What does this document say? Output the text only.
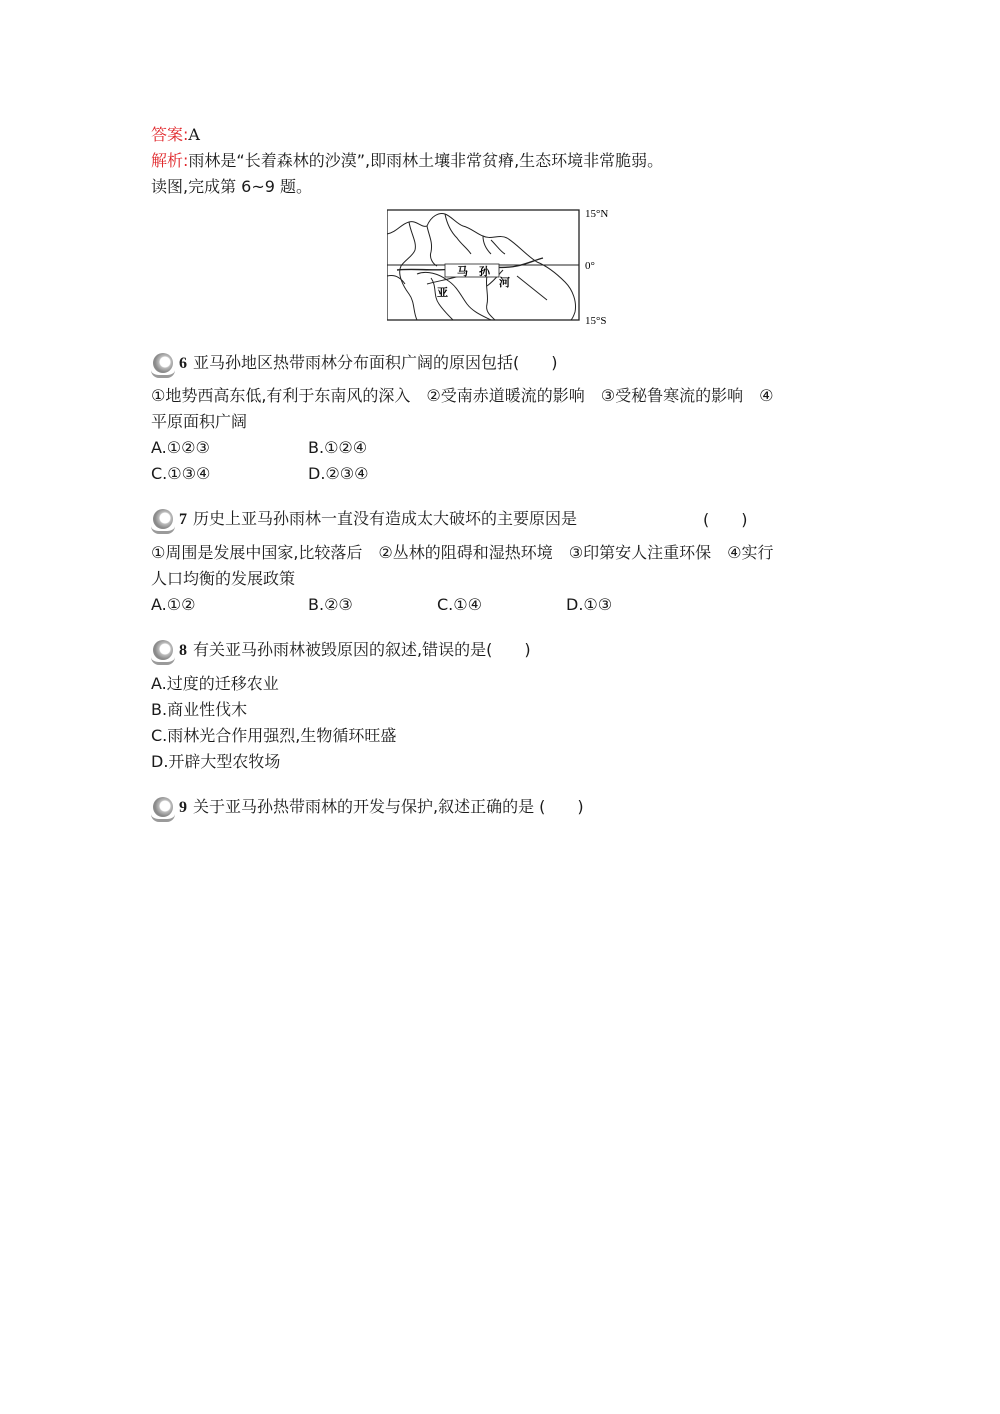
答案:A
解析:雨林是“长着森林的沙漠”,即雨林土壤非常贫瘠,生态环境非常脆弱。
读图,完成第 6~9 题。
马 孙
亚
河
15°N
0°
15°S
6 亚马孙地区热带雨林分布面积广阔的原因包括(　　)
①地势西高东低,有利于东南风的深入　②受南赤道暖流的影响　③受秘鲁寒流的影响　④
平原面积广阔
A.①②③	B.①②④
C.①③④	D.②③④
7 历史上亚马孙雨林一直没有造成太大破坏的主要原因是	(　　)
①周围是发展中国家,比较落后　②丛林的阻碍和湿热环境　③印第安人注重环保　④实行
人口均衡的发展政策
A.①②	B.②③	C.①④	D.①③
8 有关亚马孙雨林被毁原因的叙述,错误的是(　　)
A.过度的迁移农业
B.商业性伐木
C.雨林光合作用强烈,生物循环旺盛
D.开辟大型农牧场
9 关于亚马孙热带雨林的开发与保护,叙述正确的是 (　　)
